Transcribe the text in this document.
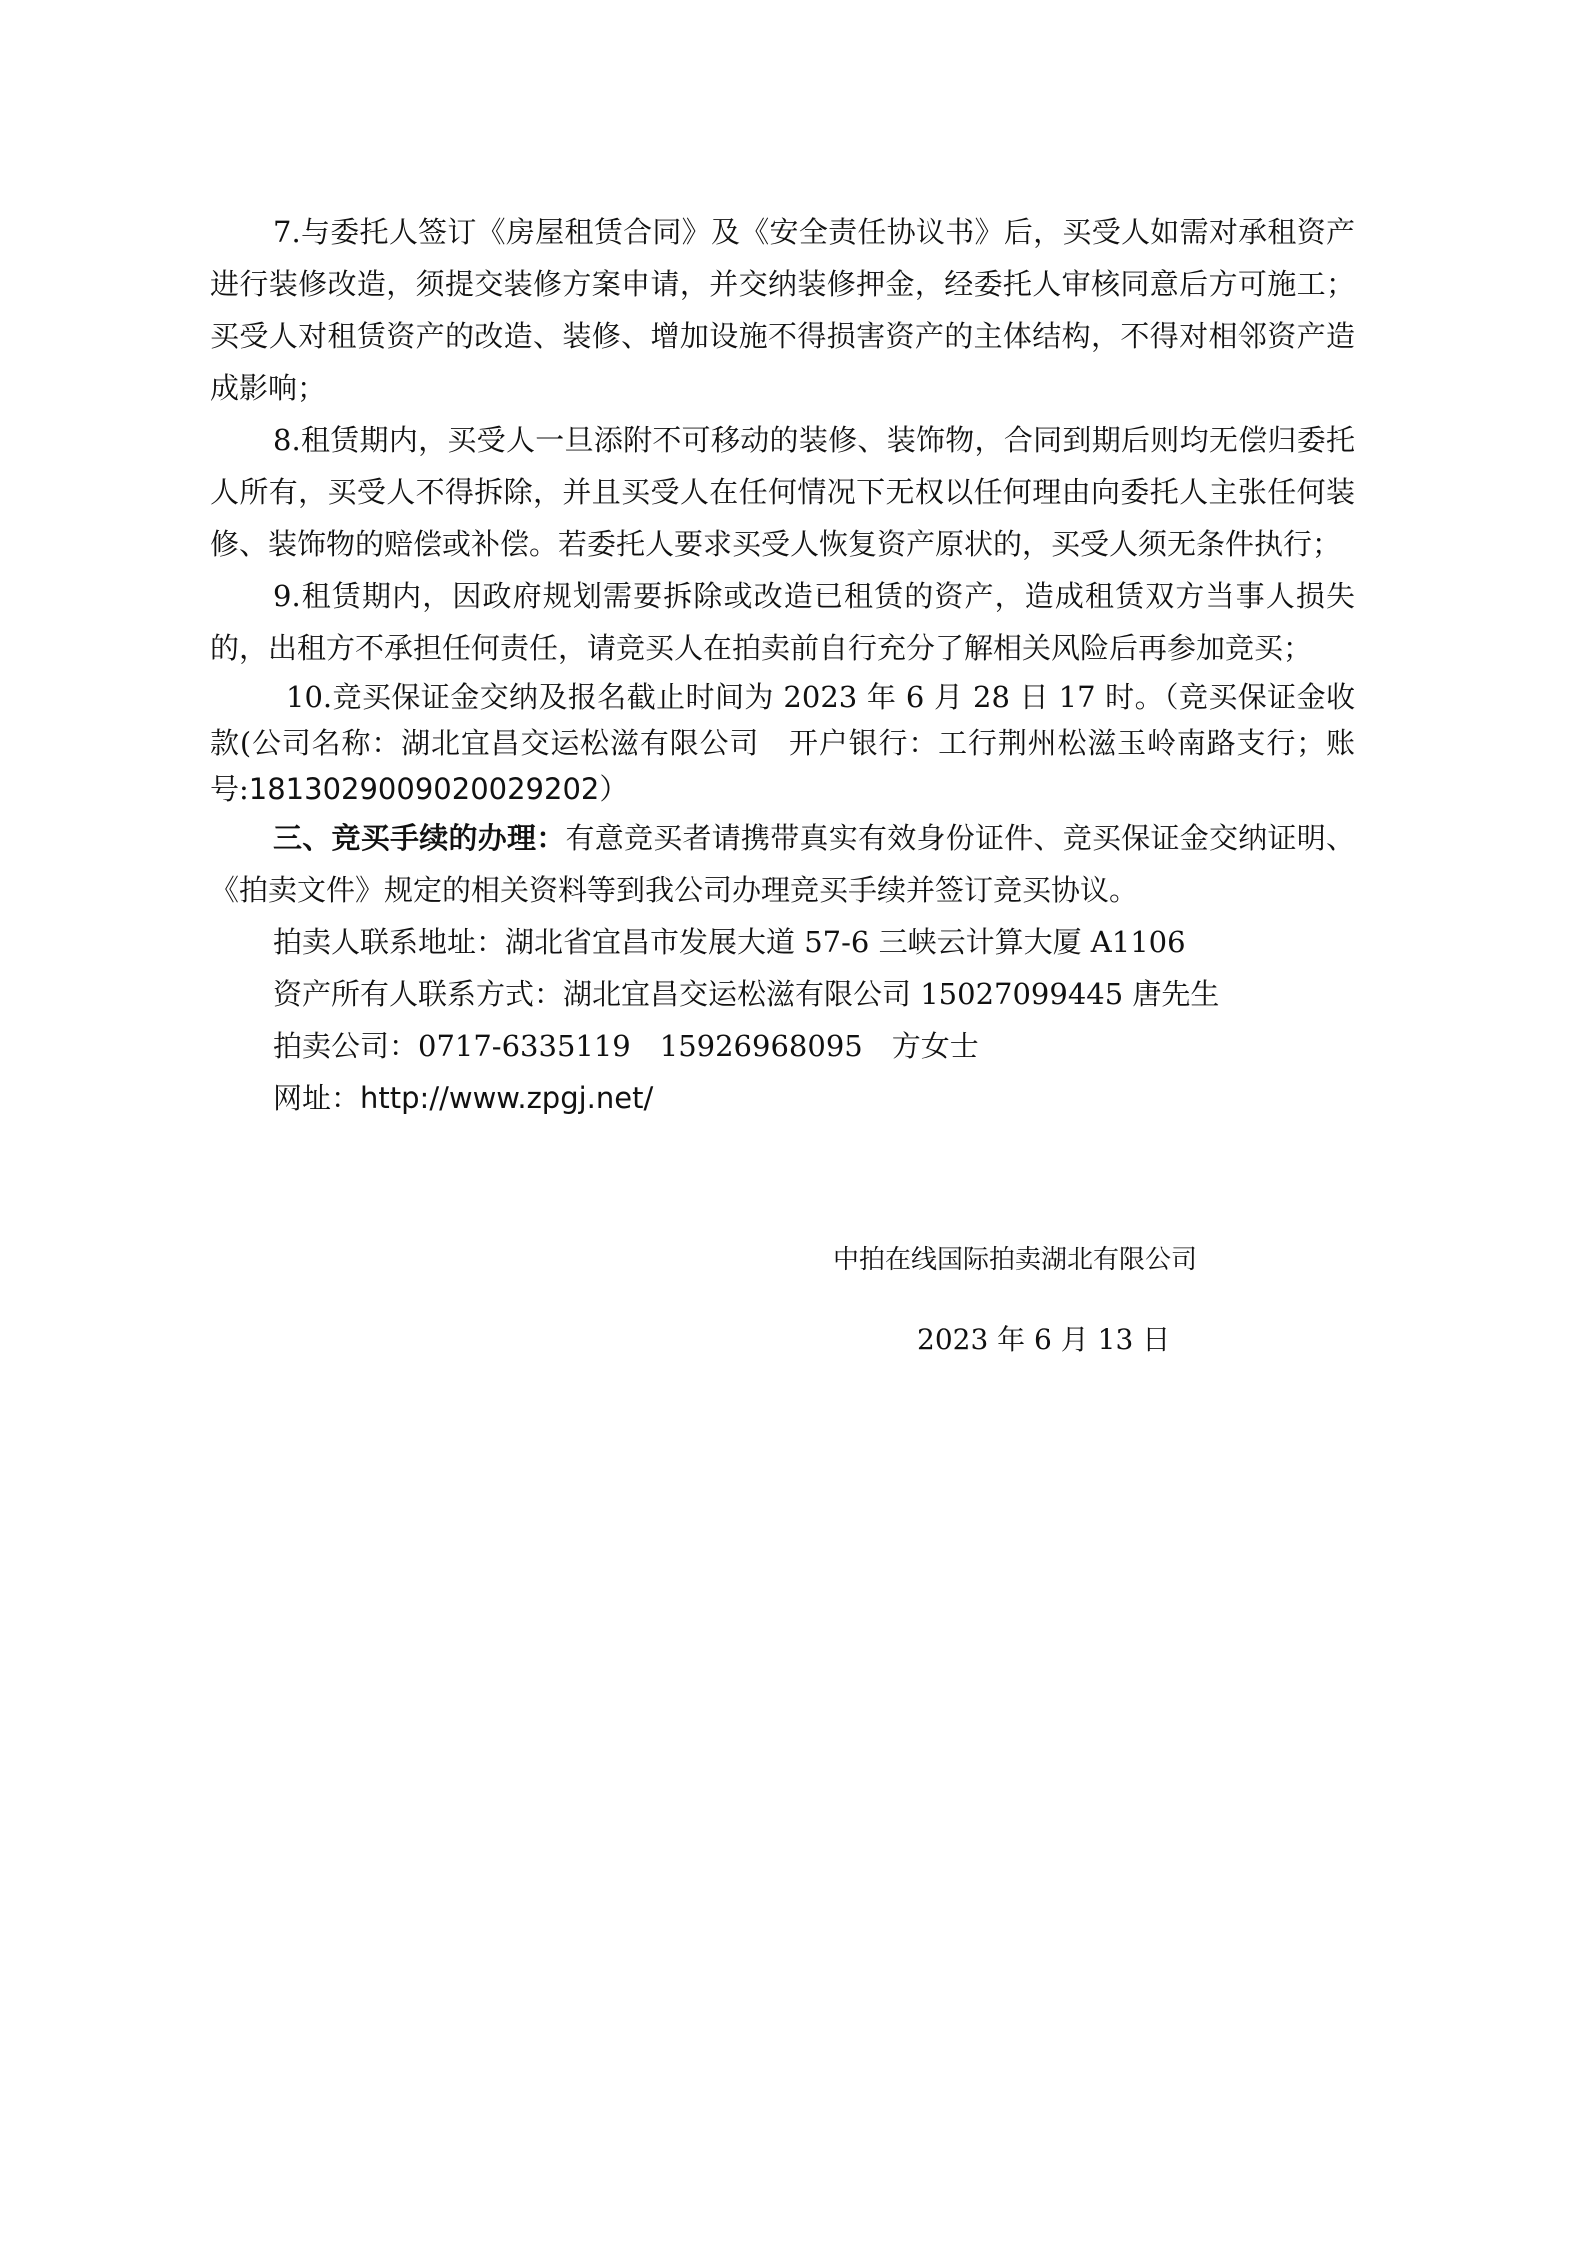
7.与委托人签订《房屋租赁合同》及《安全责任协议书》后，买受人如需对承租资产进行装修改造，须提交装修方案申请，并交纳装修押金，经委托人审核同意后方可施工；买受人对租赁资产的改造、装修、增加设施不得损害资产的主体结构，不得对相邻资产造成影响；

8.租赁期内，买受人一旦添附不可移动的装修、装饰物，合同到期后则均无偿归委托人所有，买受人不得拆除，并且买受人在任何情况下无权以任何理由向委托人主张任何装修、装饰物的赔偿或补偿。若委托人要求买受人恢复资产原状的，买受人须无条件执行；

9.租赁期内，因政府规划需要拆除或改造已租赁的资产，造成租赁双方当事人损失的，出租方不承担任何责任，请竞买人在拍卖前自行充分了解相关风险后再参加竞买；

10.竞买保证金交纳及报名截止时间为 2023 年 6 月 28 日 17 时。（竞买保证金收款(公司名称：湖北宜昌交运松滋有限公司　开户银行：工行荆州松滋玉岭南路支行；账号:1813029009020029202）

三、竞买手续的办理：有意竞买者请携带真实有效身份证件、竞买保证金交纳证明、《拍卖文件》规定的相关资料等到我公司办理竞买手续并签订竞买协议。

拍卖人联系地址：湖北省宜昌市发展大道 57-6 三峡云计算大厦 A1106

资产所有人联系方式：湖北宜昌交运松滋有限公司 15027099445 唐先生

拍卖公司：0717-6335119　15926968095　方女士

网址：http://www.zpgj.net/

中拍在线国际拍卖湖北有限公司
2023 年 6 月 13 日
